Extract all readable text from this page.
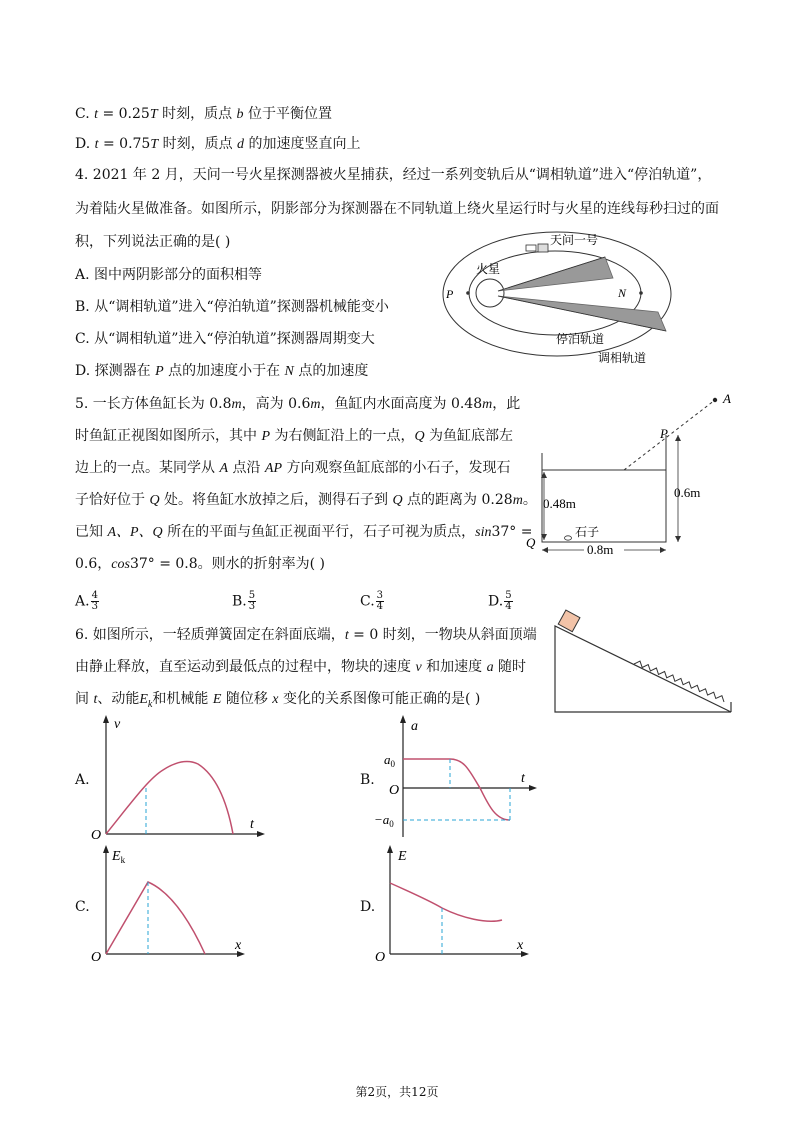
C. t = 0.25T 时刻，质点 b 位于平衡位置
D. t = 0.75T 时刻，质点 d 的加速度竖直向上
4. 2021 年 2 月，天问一号火星探测器被火星捕获，经过一系列变轨后从“调相轨道”进入“停泊轨道”，
为着陆火星做准备。如图所示，阴影部分为探测器在不同轨道上绕火星运行时与火星的连线每秒扫过的面
积，下列说法正确的是( )
A. 图中两阴影部分的面积相等
B. 从“调相轨道”进入“停泊轨道”探测器机械能变小
C. 从“调相轨道”进入“停泊轨道”探测器周期变大
D. 探测器在 P 点的加速度小于在 N 点的加速度
天问一号
火星
P	N
停泊轨道
调相轨道
5. 一长方体鱼缸长为 0.8m，高为 0.6m，鱼缸内水面高度为 0.48m，此
时鱼缸正视图如图所示，其中 P 为右侧缸沿上的一点，Q 为鱼缸底部左
边上的一点。某同学从 A 点沿 AP 方向观察鱼缸底部的小石子，发现石
子恰好位于 Q 处。将鱼缸水放掉之后，测得石子到 Q 点的距离为 0.28m。
已知 A、P、Q 所在的平面与鱼缸正视面平行，石子可视为质点，sin37° =
0.6，cos37° = 0.8。则水的折射率为( )
A. $\frac{4}{3}$	B. $\frac{5}{3}$	C. $\frac{3}{4}$	D. $\frac{5}{4}$
A
P
Q
0.48m
0.6m
0.8m
石子
6. 如图所示，一轻质弹簧固定在斜面底端，t = 0 时刻，一物块从斜面顶端
由静止释放，直至运动到最低点的过程中，物块的速度 v 和加速度 a 随时
间 t、动能$E_k$和机械能 E 随位移 x 变化的关系图像可能正确的是( )
A.
v
t
O
B.
a
t
O
$a_0$
$-a_0$
C.
$E_k$
x
O
D.
E
x
O
第2页，共12页
